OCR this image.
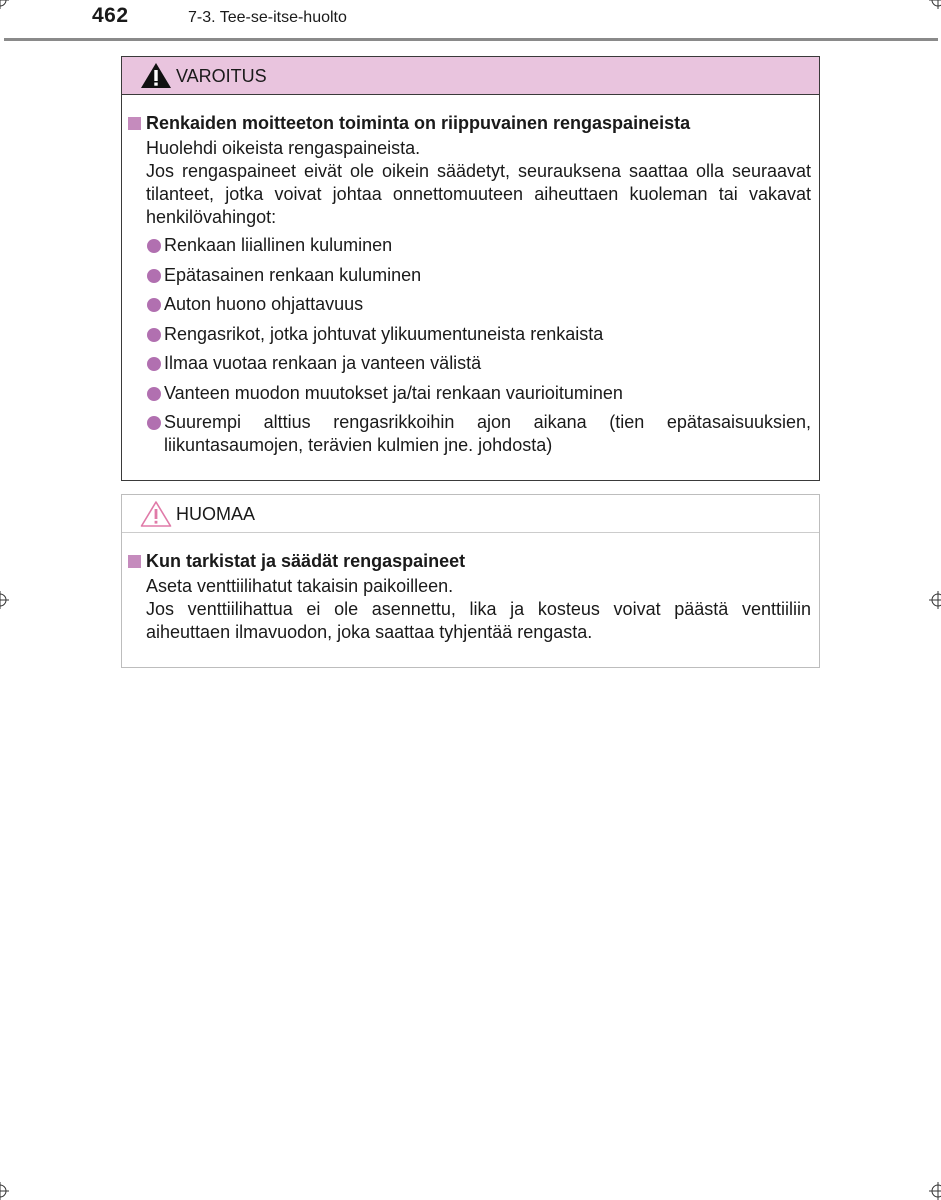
462	7-3. Tee-se-itse-huolto
VAROITUS
Renkaiden moitteeton toiminta on riippuvainen rengaspaineista
Huolehdi oikeista rengaspaineista.
Jos rengaspaineet eivät ole oikein säädetyt, seurauksena saattaa olla seuraavat tilanteet, jotka voivat johtaa onnettomuuteen aiheuttaen kuoleman tai vakavat henkilövahingot:
Renkaan liiallinen kuluminen
Epätasainen renkaan kuluminen
Auton huono ohjattavuus
Rengasrikot, jotka johtuvat ylikuumentuneista renkaista
Ilmaa vuotaa renkaan ja vanteen välistä
Vanteen muodon muutokset ja/tai renkaan vaurioituminen
Suurempi alttius rengasrikkoihin ajon aikana (tien epätasaisuuksien, liikuntasaumojen, terävien kulmien jne. johdosta)
HUOMAA
Kun tarkistat ja säädät rengaspaineet
Aseta venttiilihatut takaisin paikoilleen.
Jos venttiilihattua ei ole asennettu, lika ja kosteus voivat päästä venttiiliin aiheuttaen ilmavuodon, joka saattaa tyhjentää rengasta.
